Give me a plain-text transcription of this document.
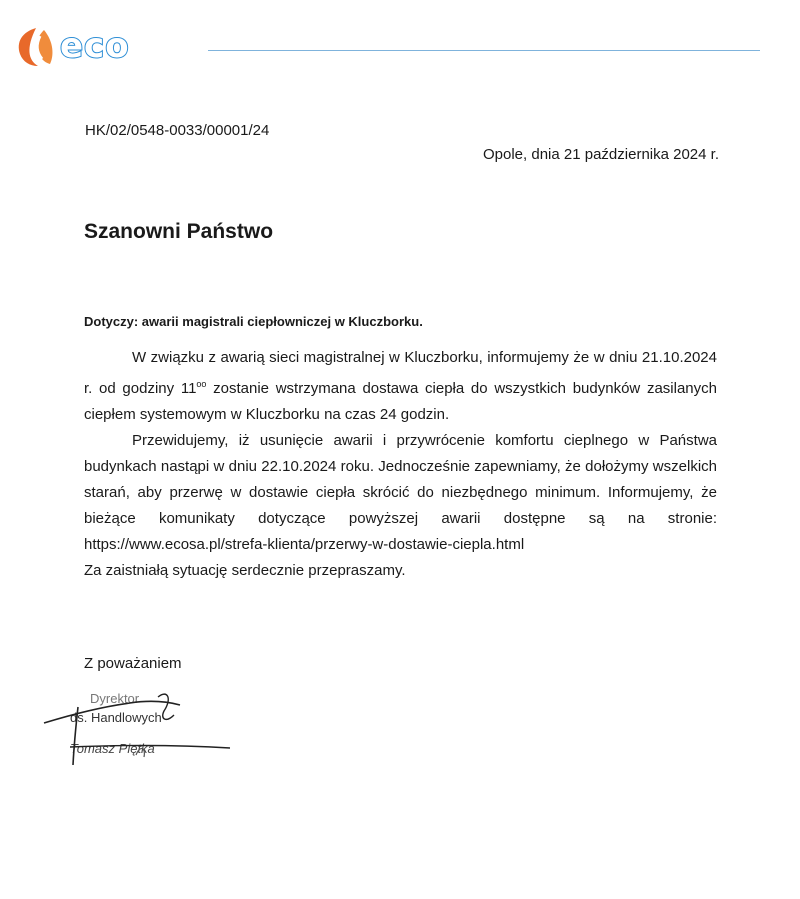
eco
HK/02/0548-0033/00001/24
Opole, dnia 21 października 2024 r.
Szanowni Państwo
Dotyczy: awarii magistrali ciepłowniczej w Kluczborku.

W związku z awarią sieci magistralnej w Kluczborku, informujemy że w dniu 21.10.2024 r. od godziny $11^{oo}$ zostanie wstrzymana dostawa ciepła do wszystkich budynków zasilanych ciepłem systemowym w Kluczborku na czas 24 godzin.

Przewidujemy, iż usunięcie awarii i przywrócenie komfortu cieplnego w Państwa budynkach nastąpi w dniu 22.10.2024 roku. Jednocześnie zapewniamy, że dołożymy wszelkich starań, aby przerwę w dostawie ciepła skrócić do niezbędnego minimum. Informujemy, że bieżące komunikaty dotyczące powyższej awarii dostępne są na stronie: https://www.ecosa.pl/strefa-klienta/przerwy-w-dostawie-ciepla.html

Za zaistniałą sytuację serdecznie przepraszamy.

Z poważaniem
Dyrektor
ds. Handlowych
Tomasz Piętka
